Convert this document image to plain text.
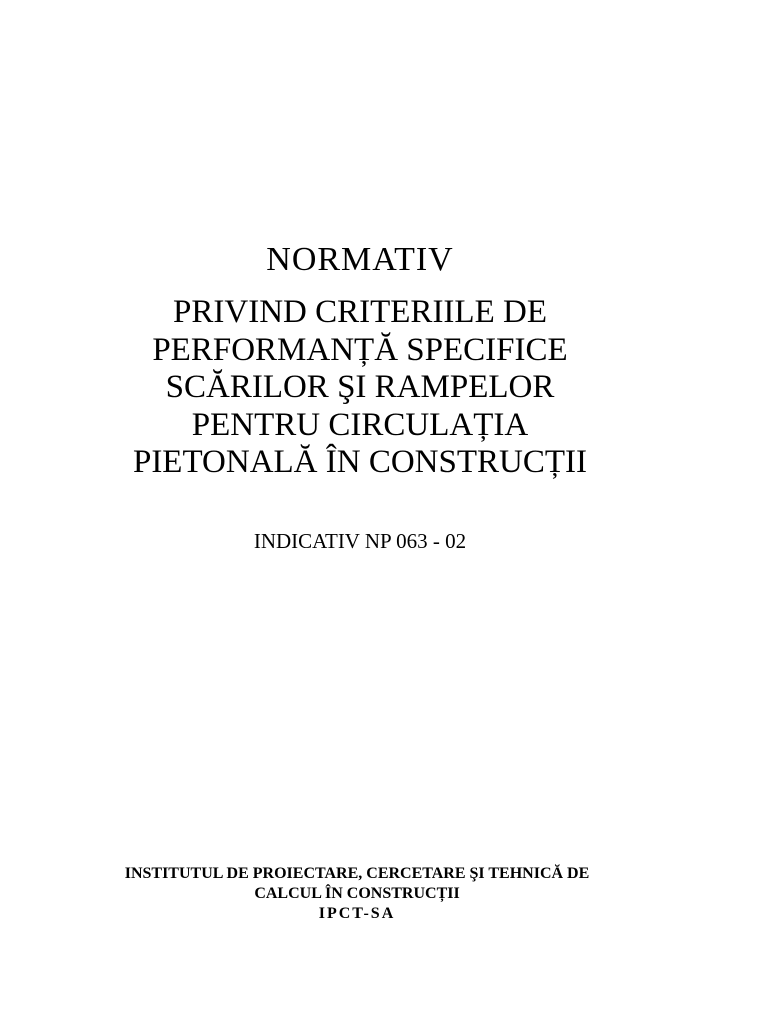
NORMATIV
PRIVIND CRITERIILE DE
PERFORMANȚĂ SPECIFICE
SCĂRILOR ŞI RAMPELOR
PENTRU CIRCULAȚIA
PIETONALĂ ÎN CONSTRUCȚII
INDICATIV NP 063 - 02
INSTITUTUL DE PROIECTARE, CERCETARE ŞI TEHNICĂ DE
CALCUL ÎN CONSTRUCȚII
IPCT-SA
